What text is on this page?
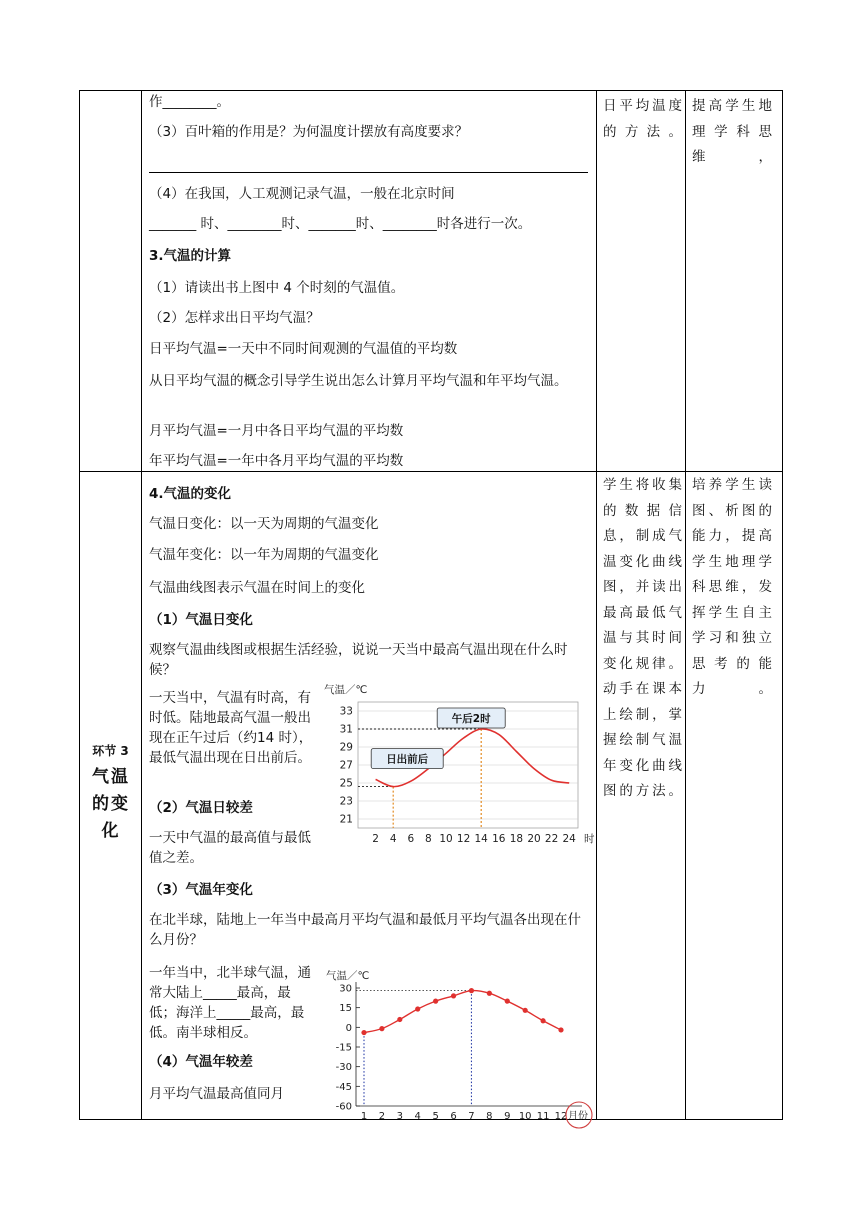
作________。
（3）百叶箱的作用是？为何温度计摆放有高度要求？
（4）在我国，人工观测记录气温，一般在北京时间
_______ 时、________时、_______时、________时各进行一次。
3.气温的计算
（1）请读出书上图中 4 个时刻的气温值。
（2）怎样求出日平均气温？
日平均气温=一天中不同时间观测的气温值的平均数
从日平均气温的概念引导学生说出怎么计算月平均气温和年平均气温。
月平均气温=一月中各日平均气温的平均数
年平均气温=一年中各月平均气温的平均数
日平均温度的方法。
提高学生地理学科思维，
环节 3
气温的变化
4.气温的变化
气温日变化：以一天为周期的气温变化
气温年变化：以一年为周期的气温变化
气温曲线图表示气温在时间上的变化
（1）气温日变化
观察气温曲线图或根据生活经验，说说一天当中最高气温出现在什么时候？
一天当中，气温有时高，有时低。陆地最高气温一般出现在正午过后（约14 时），最低气温出现在日出前后。
（2）气温日较差
一天中气温的最高值与最低值之差。
（3）气温年变化
在北半球，陆地上一年当中最高月平均气温和最低月平均气温各出现在什么月份？
一年当中，北半球气温，通常大陆上_____最高，最低；海洋上_____最高，最低。南半球相反。
（4）气温年较差
月平均气温最高值同月
学生将收集的数据信息，制成气温变化曲线图，并读出最高最低气温与其时间变化规律。动手在课本上绘制，掌握绘制气温年变化曲线图的方法。
培养学生读图、析图的能力，提高学生地理学科思维，发挥学生自主学习和独立思考的能力。
21
23
25
27
29
31
33
2 4 6 8 10 12 14 16 18 20 22 24
气温／℃
时
午后2时
日出前后
30
15
0
-15
-30
-45
-60
1 2 3 4 5 6 7 8 9 10 11 12
气温／℃
月份
